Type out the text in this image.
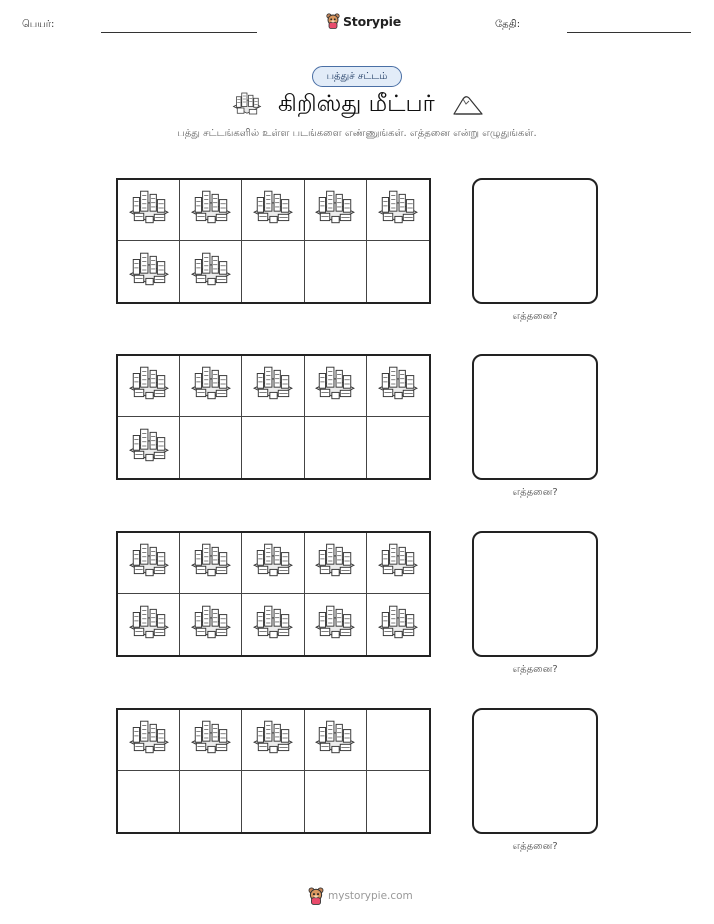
பெயர்:	Storypie	தேதி:
பத்துச் சட்டம்
கிறிஸ்து மீட்பர்
பத்து சட்டங்களில் உள்ள படங்களை எண்ணுங்கள். எத்தனை என்று எழுதுங்கள்.
எத்தனை?
எத்தனை?
எத்தனை?
எத்தனை?
mystorypie.com
